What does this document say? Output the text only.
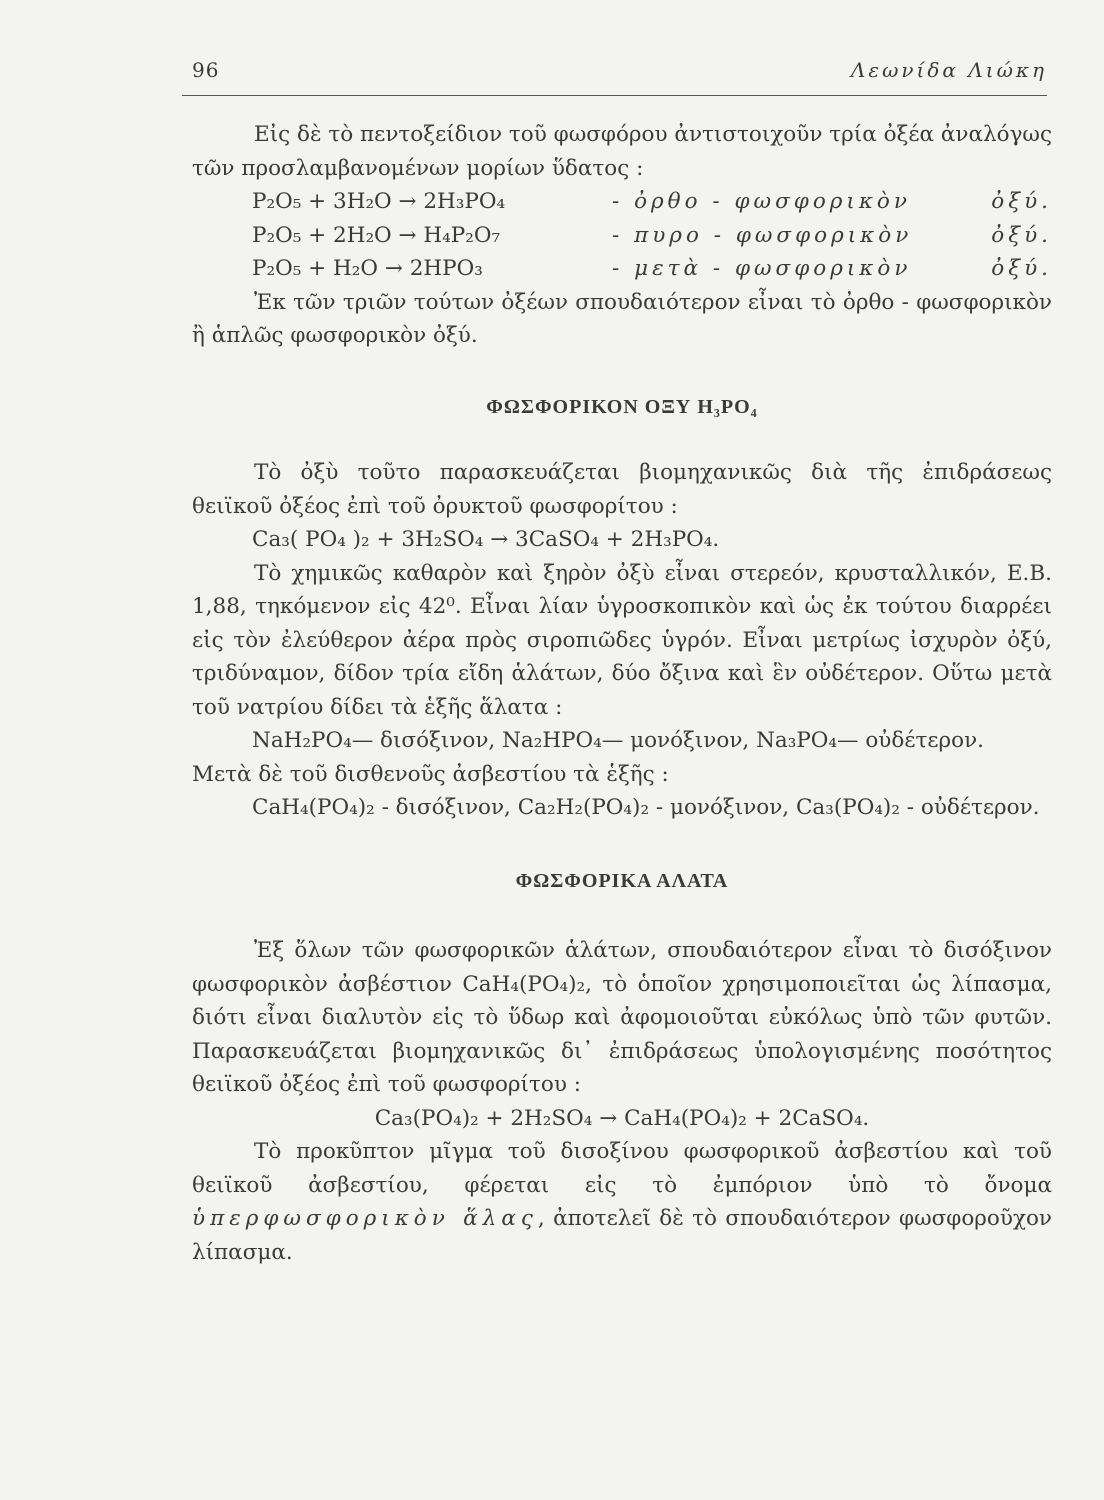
96	Λεωνίδα Λιώκη

Εἰς δὲ τὸ πεντοξείδιον τοῦ φωσφόρου ἀντιστοιχοῦν τρία ὀξέα ἀναλόγως τῶν προσλαμβανομένων μορίων ὕδατος :

P₂O₅ + 3H₂O → 2H₃PO₄	- ὀρθο - φωσφορικὸν	ὀξύ.
P₂O₅ + 2H₂O → H₄P₂O₇	- πυρο - φωσφορικὸν	ὀξύ.
P₂O₅ + H₂O → 2HPO₃	- μετὰ - φωσφορικὸν	ὀξύ.

Ἐκ τῶν τριῶν τούτων ὀξέων σπουδαιότερον εἶναι τὸ ὀρθο - φωσφορικὸν ἢ ἁπλῶς φωσφορικὸν ὀξύ.

ΦΩΣΦΟΡΙΚΟΝ ΟΞΥ H₃PO₄

Τὸ ὀξὺ τοῦτο παρασκευάζεται βιομηχανικῶς διὰ τῆς ἐπιδράσεως θειϊκοῦ ὀξέος ἐπὶ τοῦ ὀρυκτοῦ φωσφορίτου :

Ca₃( PO₄ )₂ + 3H₂SO₄ → 3CaSO₄ + 2H₃PO₄.

Τὸ χημικῶς καθαρὸν καὶ ξηρὸν ὀξὺ εἶναι στερεόν, κρυσταλλικόν, Ε.Β. 1,88, τηκόμενον εἰς 42⁰. Εἶναι λίαν ὑγροσκοπικὸν καὶ ὡς ἐκ τούτου διαρρέει εἰς τὸν ἐλεύθερον ἀέρα πρὸς σιροπιῶδες ὑγρόν. Εἶναι μετρίως ἰσχυρὸν ὀξύ, τριδύναμον, δίδον τρία εἴδη ἁλάτων, δύο ὄξινα καὶ ἓν οὐδέτερον. Οὕτω μετὰ τοῦ νατρίου δίδει τὰ ἑξῆς ἅλατα :

NaH₂PO₄— δισόξινον, Na₂HPO₄— μονόξινον, Na₃PO₄— οὐδέτερον.

Μετὰ δὲ τοῦ δισθενοῦς ἀσβεστίου τὰ ἑξῆς :

CaH₄(PO₄)₂ - δισόξινον, Ca₂H₂(PO₄)₂ - μονόξινον, Ca₃(PO₄)₂ - οὐδέτερον.

ΦΩΣΦΟΡΙΚΑ ΑΛΑΤΑ

Ἐξ ὅλων τῶν φωσφορικῶν ἁλάτων, σπουδαιότερον εἶναι τὸ δισόξινον φωσφορικὸν ἀσβέστιον CaH₄(PO₄)₂, τὸ ὁποῖον χρησιμοποιεῖται ὡς λίπασμα, διότι εἶναι διαλυτὸν εἰς τὸ ὕδωρ καὶ ἀφομοιοῦται εὐκόλως ὑπὸ τῶν φυτῶν. Παρασκευάζεται βιομηχανικῶς δι᾽ ἐπιδράσεως ὑπολογισμένης ποσότητος θειϊκοῦ ὀξέος ἐπὶ τοῦ φωσφορίτου :

Ca₃(PO₄)₂ + 2H₂SO₄ → CaH₄(PO₄)₂ + 2CaSO₄.

Τὸ προκῦπτον μῖγμα τοῦ δισοξίνου φωσφορικοῦ ἀσβεστίου καὶ τοῦ θειϊκοῦ ἀσβεστίου, φέρεται εἰς τὸ ἐμπόριον ὑπὸ τὸ ὄνομα ὑπερφωσφορικὸν ἅλας, ἀποτελεῖ δὲ τὸ σπουδαιότερον φωσφοροῦχον λίπασμα.
